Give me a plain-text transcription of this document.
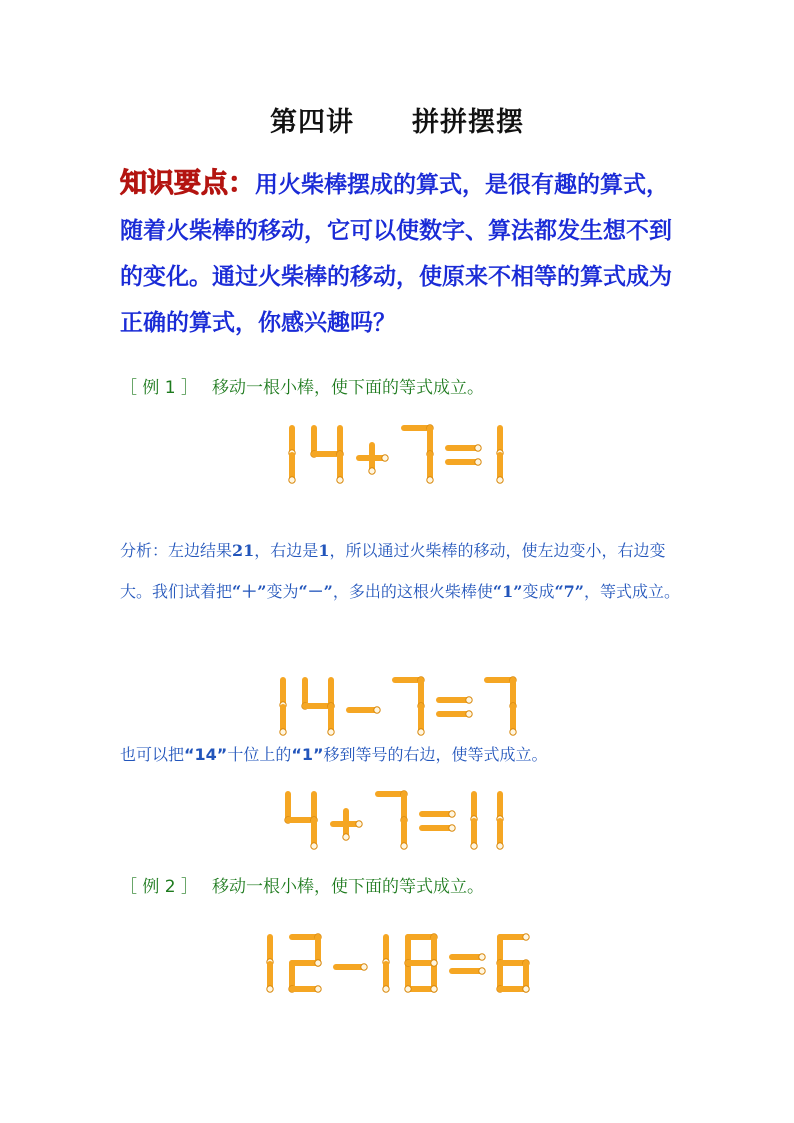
第四讲 拼拼摆摆
知识要点：用火柴棒摆成的算式，是很有趣的算式，随着火柴棒的移动，它可以使数字、算法都发生想不到的变化。通过火柴棒的移动，使原来不相等的算式成为正确的算式，你感兴趣吗？
［ 例 1 ］ 移动一根小棒，使下面的等式成立。
分析：左边结果21，右边是1，所以通过火柴棒的移动，使左边变小，右边变大。我们试着把“＋”变为“－”，多出的这根火柴棒使“1”变成“7”，等式成立。
也可以把“14”十位上的“1”移到等号的右边，使等式成立。
［ 例 2 ］ 移动一根小棒，使下面的等式成立。
